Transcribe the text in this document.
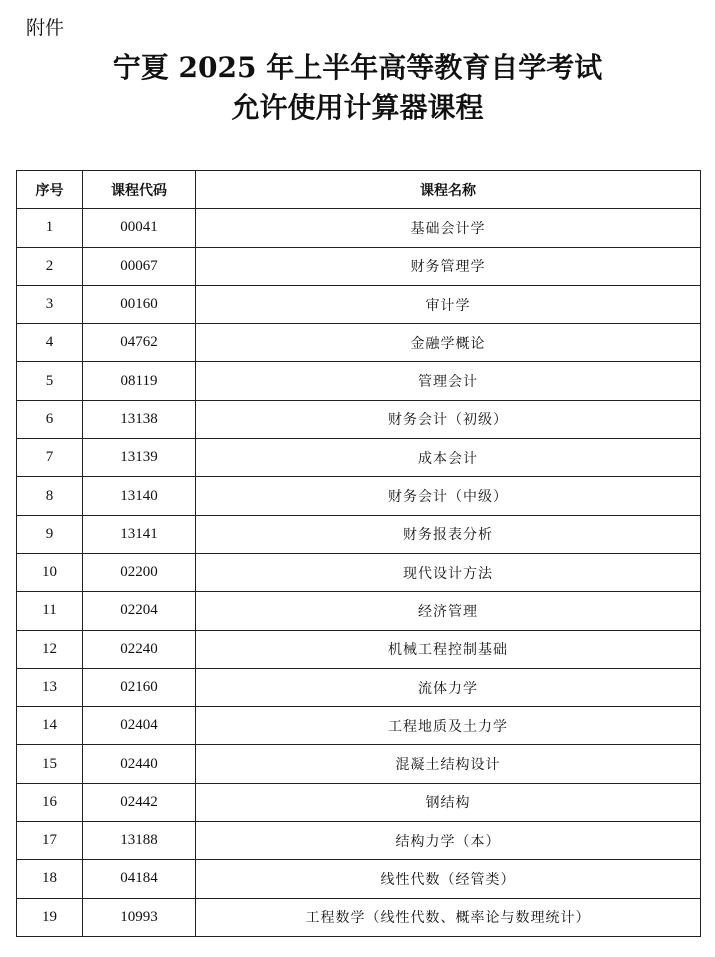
附件
宁夏 2025 年上半年高等教育自学考试
允许使用计算器课程
序号	课程代码	课程名称
1	00041	基础会计学
2	00067	财务管理学
3	00160	审计学
4	04762	金融学概论
5	08119	管理会计
6	13138	财务会计（初级）
7	13139	成本会计
8	13140	财务会计（中级）
9	13141	财务报表分析
10	02200	现代设计方法
11	02204	经济管理
12	02240	机械工程控制基础
13	02160	流体力学
14	02404	工程地质及土力学
15	02440	混凝土结构设计
16	02442	钢结构
17	13188	结构力学（本）
18	04184	线性代数（经管类）
19	10993	工程数学（线性代数、概率论与数理统计）
